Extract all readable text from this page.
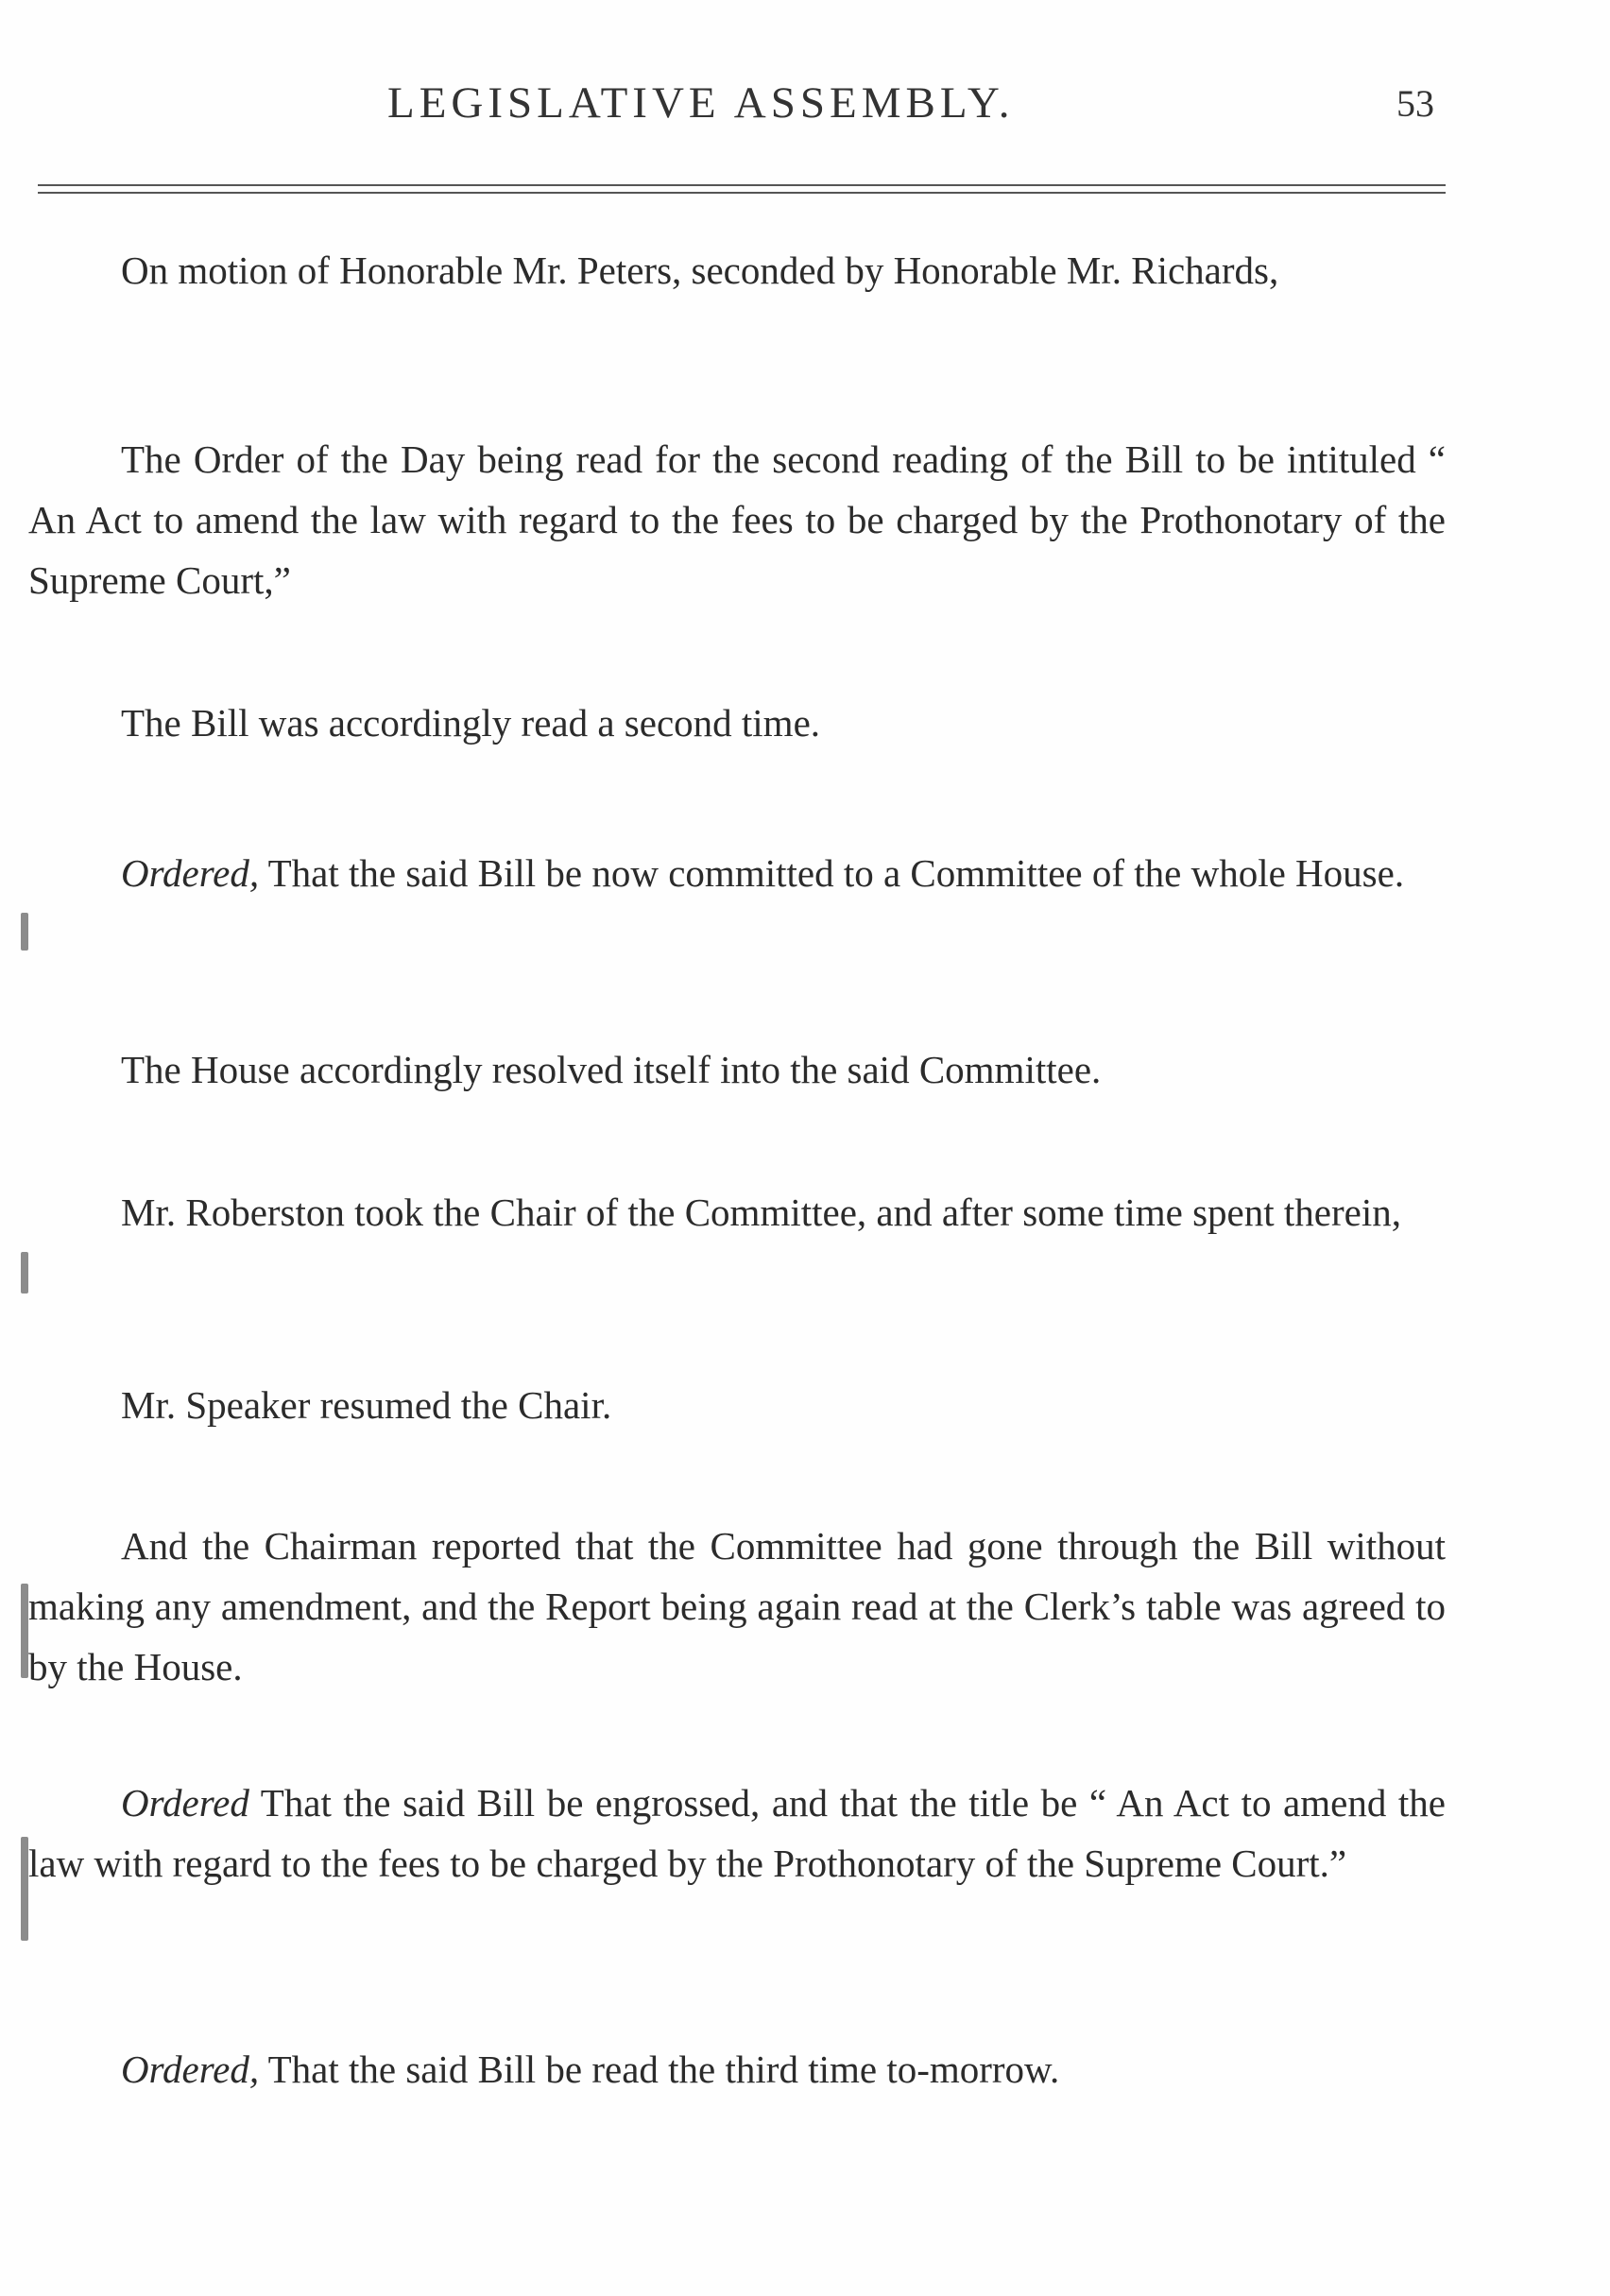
LEGISLATIVE ASSEMBLY.	53
On motion of Honorable Mr. Peters, seconded by Honorable Mr. Richards,
The Order of the Day being read for the second reading of the Bill to be intituled “ An Act to amend the law with regard to the fees to be charged by the Prothonotary of the Supreme Court,”
The Bill was accordingly read a second time.
Ordered, That the said Bill be now committed to a Committee of the whole House.
The House accordingly resolved itself into the said Committee.
Mr. Roberston took the Chair of the Committee, and after some time spent therein,
Mr. Speaker resumed the Chair.
And the Chairman reported that the Committee had gone through the Bill without making any amendment, and the Report being again read at the Clerk’s table was agreed to by the House.
Ordered That the said Bill be engrossed, and that the title be “ An Act to amend the law with regard to the fees to be charged by the Prothonotary of the Supreme Court.”
Ordered, That the said Bill be read the third time to-morrow.
